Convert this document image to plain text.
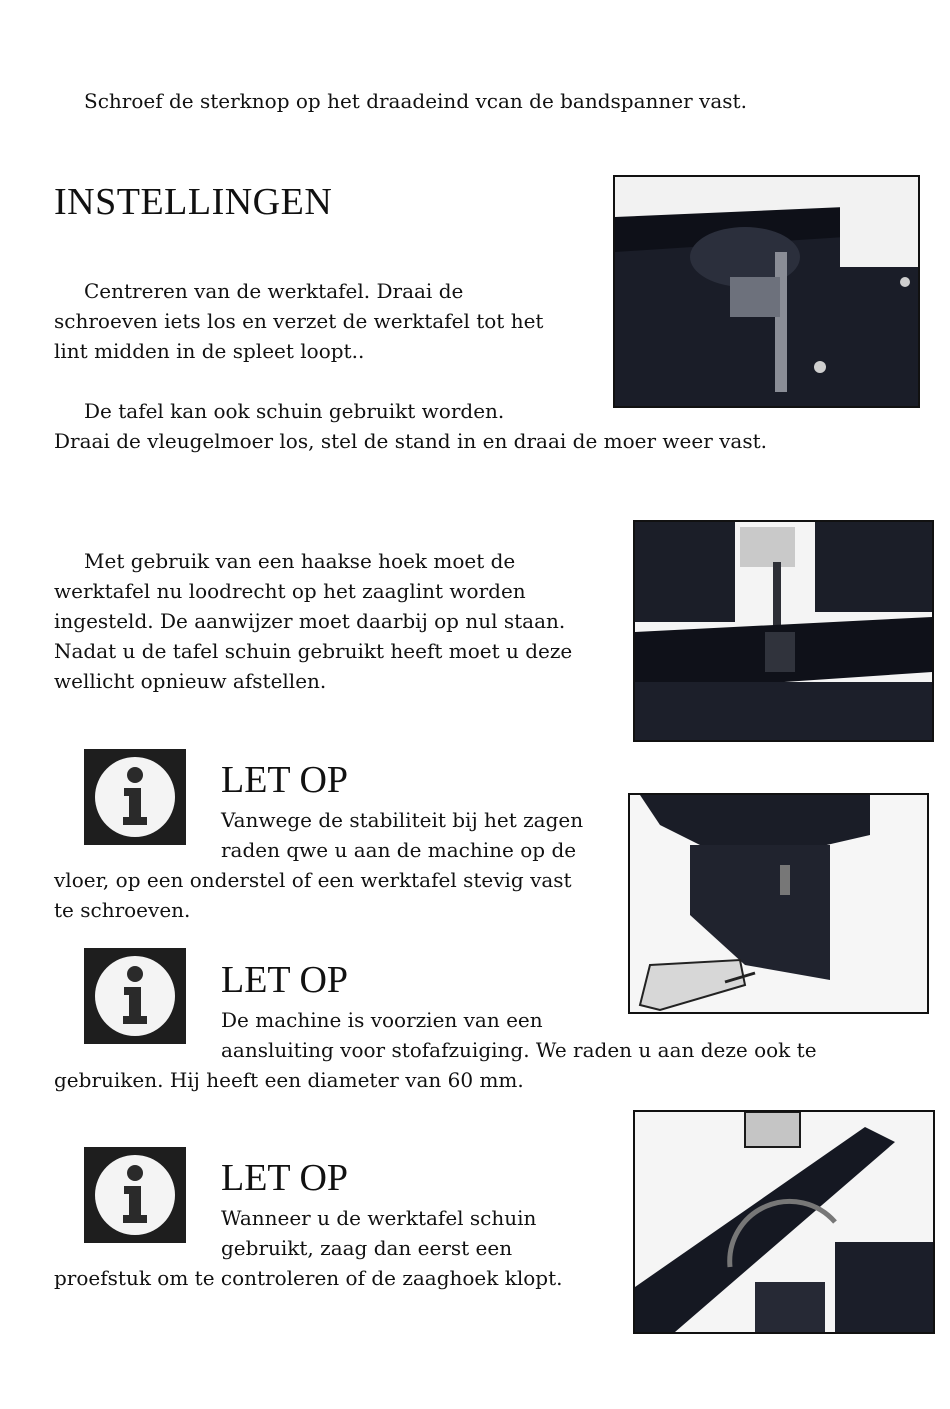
Schroef de sterknop op het draadeind vcan de bandspanner vast.

INSTELLINGEN
Centreren van de werktafel. Draai de
schroeven iets los en verzet de werktafel tot het
lint midden in de spleet loopt..
De tafel kan ook schuin gebruikt worden.
Draai de vleugelmoer los, stel de stand in en draai de moer weer vast.
Met gebruik van een haakse hoek moet de
werktafel nu loodrecht op het zaaglint worden
ingesteld. De aanwijzer moet daarbij op nul staan.
Nadat u de tafel schuin gebruikt heeft moet u deze
wellicht opnieuw afstellen.
LET OP
Vanwege de stabiliteit bij het zagen
raden qwe u aan de machine op de
vloer, op een onderstel of een werktafel stevig vast
te schroeven.
LET OP
De machine is voorzien van een
aansluiting voor stofafzuiging. We raden u aan deze ook te
gebruiken. Hij heeft een diameter van 60 mm.
LET OP
Wanneer u de werktafel schuin
gebruikt, zaag dan eerst een
proefstuk om te controleren of de zaaghoek klopt.
